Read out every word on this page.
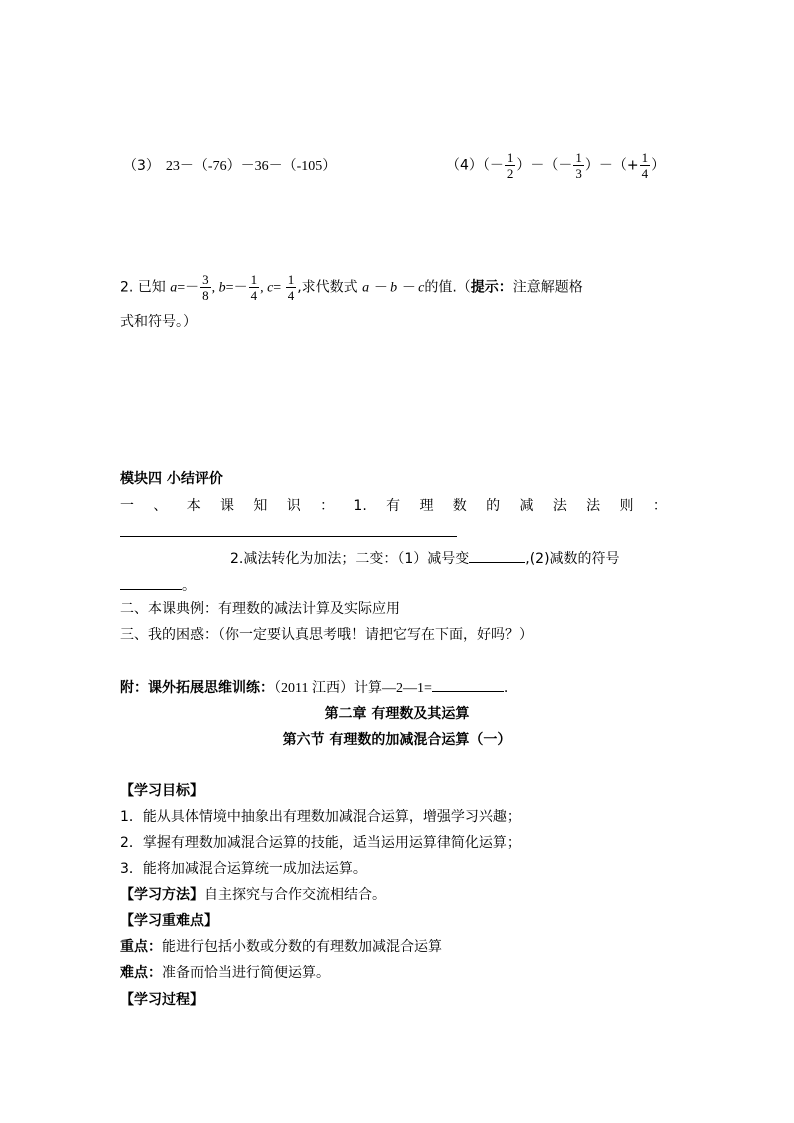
（3） 23－（-76）－36－（-105）	$(4)(- \frac{1}{2}$ ）－（－ $\frac{1}{3}$ ）－（+ $\frac{1}{4}$ ）
2. 已知 $a=- \frac{3}{8}$ , $b=- \frac{1}{4}$ , $c= \frac{1}{4}$ ,求代数式 a － b － c的值.（提示：注意解题格
式和符号。）
模块四 小结评价
一 、 本 课 知 识 ： 1. 有 理 数 的 减 法 法 则 ：
2.减法转化为加法；二变：（1）减号变	,(2)减数的符号
。
二、本课典例：有理数的减法计算及实际应用
三、我的困惑：（你一定要认真思考哦！请把它写在下面，好吗？）
附：课外拓展思维训练：（2011 江西）计算—2—1=	.
第二章 有理数及其运算
第六节 有理数的加减混合运算（一）
【学习目标】
1．能从具体情境中抽象出有理数加减混合运算，增强学习兴趣；
2．掌握有理数加减混合运算的技能，适当运用运算律简化运算；
3．能将加减混合运算统一成加法运算。
【学习方法】自主探究与合作交流相结合。
【学习重难点】
重点：能进行包括小数或分数的有理数加减混合运算
难点：准备而恰当进行简便运算。
【学习过程】
